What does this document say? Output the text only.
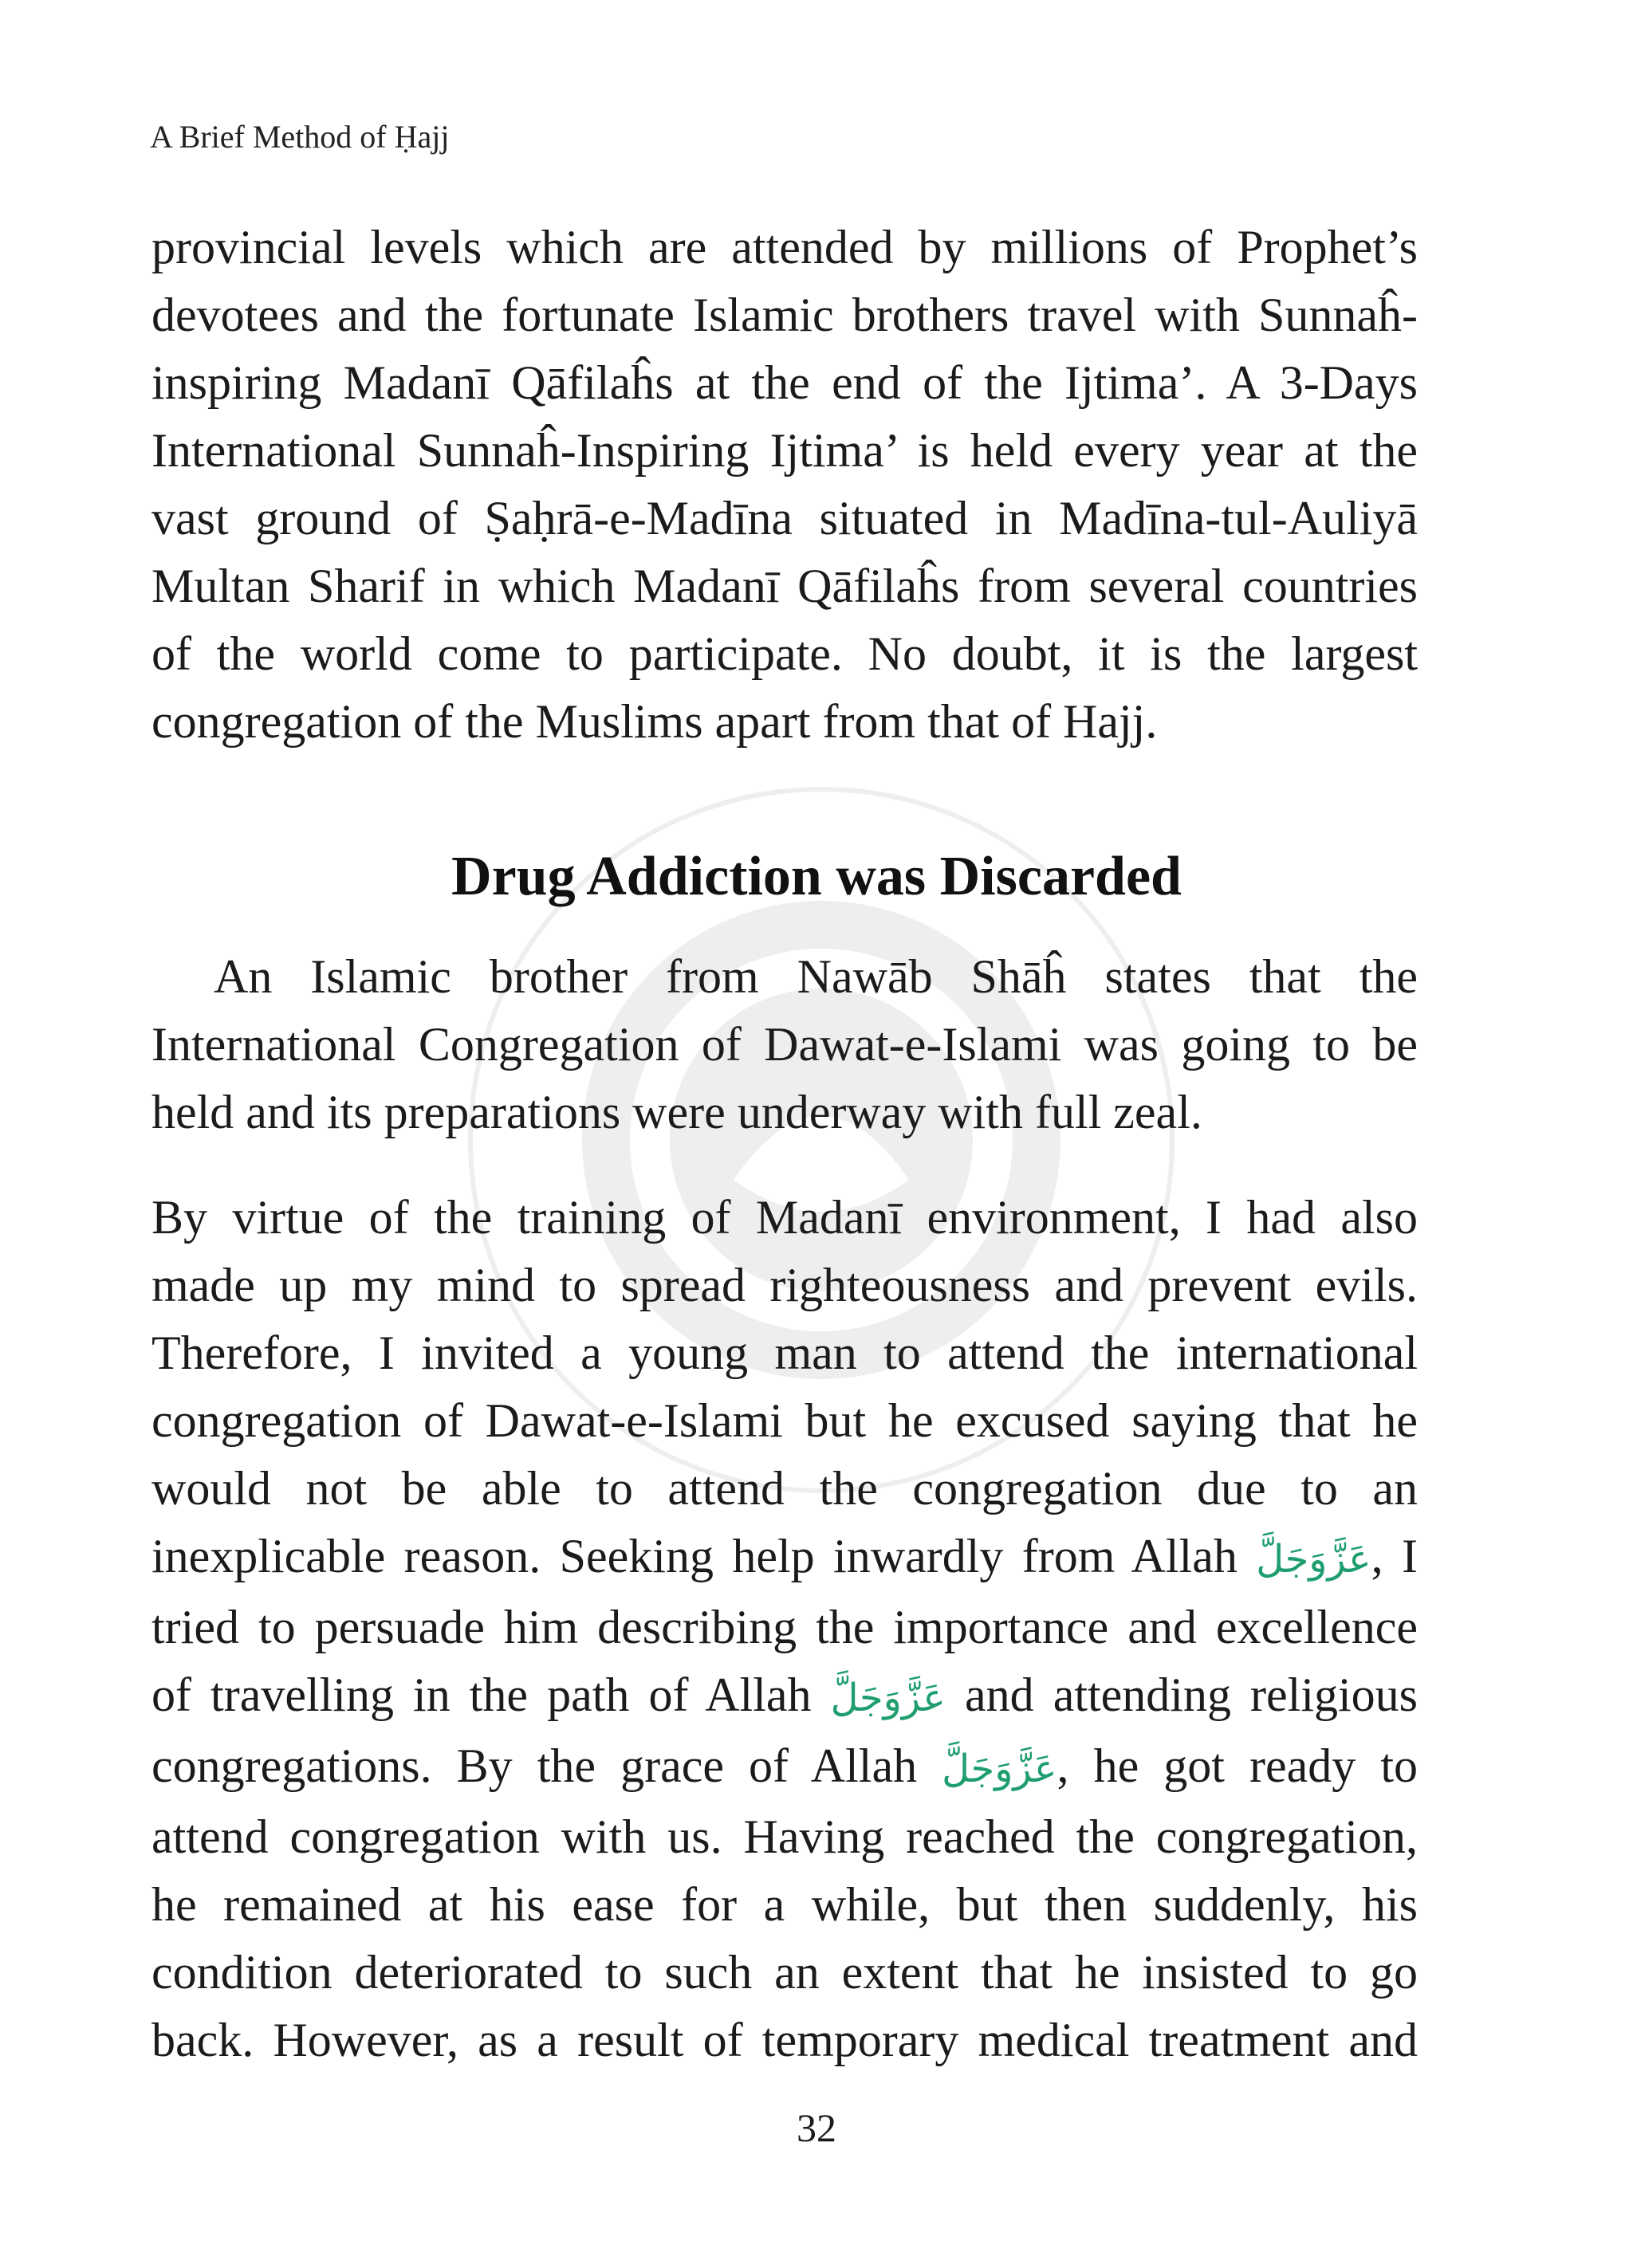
A Brief Method of Ḥajj
provincial levels which are attended by millions of Prophet’s
devotees and the fortunate Islamic brothers travel with Sunnaĥ-
inspiring Madanī Qāfilaĥs at the end of the Ijtima’. A 3-Days
International Sunnaĥ-Inspiring Ijtima’ is held every year at the
vast ground of Ṣaḥrā-e-Madīna situated in Madīna-tul-Auliyā
Multan Sharif in which Madanī Qāfilaĥs from several countries
of the world come to participate. No doubt, it is the largest
congregation of the Muslims apart from that of Hajj.
Drug Addiction was Discarded
An Islamic brother from Nawāb Shāĥ states that the
International Congregation of Dawat-e-Islami was going to be
held and its preparations were underway with full zeal.
By virtue of the training of Madanī environment, I had also
made up my mind to spread righteousness and prevent evils.
Therefore, I invited a young man to attend the international
congregation of Dawat-e-Islami but he excused saying that he
would not be able to attend the congregation due to an
inexplicable reason. Seeking help inwardly from Allah عَزَّوَجَلَّ, I
tried to persuade him describing the importance and excellence
of travelling in the path of Allah عَزَّوَجَلَّ and attending religious
congregations. By the grace of Allah عَزَّوَجَلَّ, he got ready to
attend congregation with us. Having reached the congregation,
he remained at his ease for a while, but then suddenly, his
condition deteriorated to such an extent that he insisted to go
back. However, as a result of temporary medical treatment and
32
